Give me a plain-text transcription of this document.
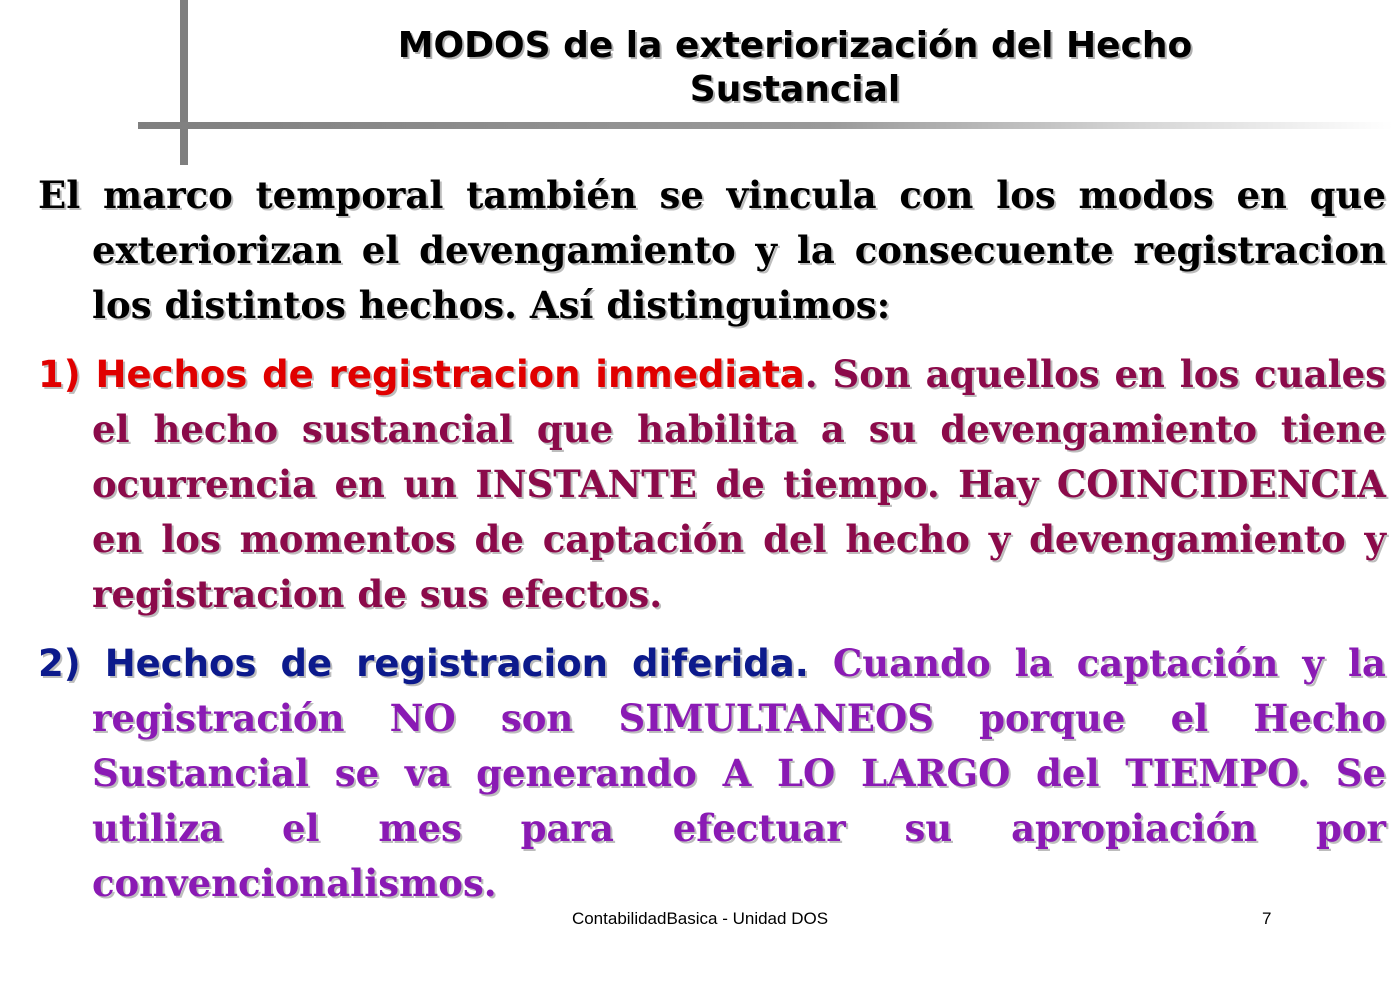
MODOS de la exteriorización del Hecho Sustancial

El marco temporal también se vincula con los modos en que exteriorizan el devengamiento y la consecuente registracion los distintos hechos. Así distinguimos:

1) Hechos de registracion inmediata. Son aquellos en los cuales el hecho sustancial que habilita a su devengamiento tiene ocurrencia en un INSTANTE de tiempo. Hay COINCIDENCIA en los momentos de captación del hecho y devengamiento y registracion de sus efectos.

2) Hechos de registracion diferida. Cuando la captación y la registración NO son SIMULTANEOS porque el Hecho Sustancial se va generando A LO LARGO del TIEMPO. Se utiliza el mes para efectuar su apropiación por convencionalismos.

ContabilidadBasica - Unidad DOS	7
